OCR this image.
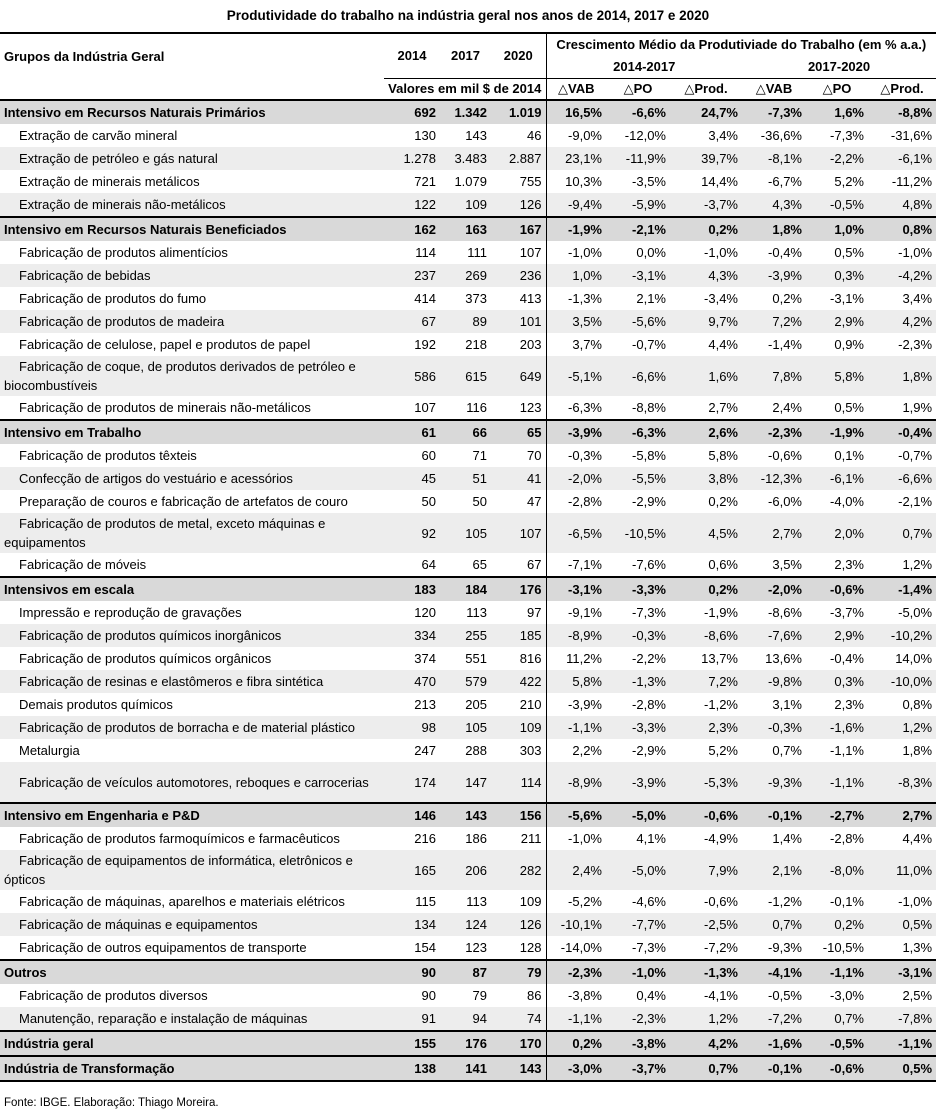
Produtividade do trabalho na indústria geral nos anos de 2014, 2017 e 2020
Grupos da Indústria Geral	2014	2017	2020	Crescimento Médio da Produtiviade do Trabalho (em % a.a.)					
				2014-2017			2017-2020		
	Valores em mil $ de 2014			△VAB	△PO	△Prod.	△VAB	△PO	△Prod.
Intensivo em Recursos Naturais Primários	692	1.342	1.019	16,5%	-6,6%	24,7%	-7,3%	1,6%	-8,8%
Extração de carvão mineral	130	143	46	-9,0%	-12,0%	3,4%	-36,6%	-7,3%	-31,6%
Extração de petróleo e gás natural	1.278	3.483	2.887	23,1%	-11,9%	39,7%	-8,1%	-2,2%	-6,1%
Extração de minerais metálicos	721	1.079	755	10,3%	-3,5%	14,4%	-6,7%	5,2%	-11,2%
Extração de minerais não-metálicos	122	109	126	-9,4%	-5,9%	-3,7%	4,3%	-0,5%	4,8%
Intensivo em Recursos Naturais Beneficiados	162	163	167	-1,9%	-2,1%	0,2%	1,8%	1,0%	0,8%
Fabricação de produtos alimentícios	114	111	107	-1,0%	0,0%	-1,0%	-0,4%	0,5%	-1,0%
Fabricação de bebidas	237	269	236	1,0%	-3,1%	4,3%	-3,9%	0,3%	-4,2%
Fabricação de produtos do fumo	414	373	413	-1,3%	2,1%	-3,4%	0,2%	-3,1%	3,4%
Fabricação de produtos de madeira	67	89	101	3,5%	-5,6%	9,7%	7,2%	2,9%	4,2%
Fabricação de celulose, papel e produtos de papel	192	218	203	3,7%	-0,7%	4,4%	-1,4%	0,9%	-2,3%
Fabricação de coque, de produtos derivados de petróleo e biocombustíveis	586	615	649	-5,1%	-6,6%	1,6%	7,8%	5,8%	1,8%
Fabricação de produtos de minerais não-metálicos	107	116	123	-6,3%	-8,8%	2,7%	2,4%	0,5%	1,9%
Intensivo em Trabalho	61	66	65	-3,9%	-6,3%	2,6%	-2,3%	-1,9%	-0,4%
Fabricação de produtos têxteis	60	71	70	-0,3%	-5,8%	5,8%	-0,6%	0,1%	-0,7%
Confecção de artigos do vestuário e acessórios	45	51	41	-2,0%	-5,5%	3,8%	-12,3%	-6,1%	-6,6%
Preparação de couros e fabricação de artefatos de couro	50	50	47	-2,8%	-2,9%	0,2%	-6,0%	-4,0%	-2,1%
Fabricação de produtos de metal, exceto máquinas e equipamentos	92	105	107	-6,5%	-10,5%	4,5%	2,7%	2,0%	0,7%
Fabricação de móveis	64	65	67	-7,1%	-7,6%	0,6%	3,5%	2,3%	1,2%
Intensivos em escala	183	184	176	-3,1%	-3,3%	0,2%	-2,0%	-0,6%	-1,4%
Impressão e reprodução de gravações	120	113	97	-9,1%	-7,3%	-1,9%	-8,6%	-3,7%	-5,0%
Fabricação de produtos químicos inorgânicos	334	255	185	-8,9%	-0,3%	-8,6%	-7,6%	2,9%	-10,2%
Fabricação de produtos químicos orgânicos	374	551	816	11,2%	-2,2%	13,7%	13,6%	-0,4%	14,0%
Fabricação de resinas e elastômeros e fibra sintética	470	579	422	5,8%	-1,3%	7,2%	-9,8%	0,3%	-10,0%
Demais produtos químicos	213	205	210	-3,9%	-2,8%	-1,2%	3,1%	2,3%	0,8%
Fabricação de produtos de borracha e de material plástico	98	105	109	-1,1%	-3,3%	2,3%	-0,3%	-1,6%	1,2%
Metalurgia	247	288	303	2,2%	-2,9%	5,2%	0,7%	-1,1%	1,8%
Fabricação de veículos automotores, reboques e carrocerias	174	147	114	-8,9%	-3,9%	-5,3%	-9,3%	-1,1%	-8,3%
Intensivo em Engenharia e P&D	146	143	156	-5,6%	-5,0%	-0,6%	-0,1%	-2,7%	2,7%
Fabricação de produtos farmoquímicos e farmacêuticos	216	186	211	-1,0%	4,1%	-4,9%	1,4%	-2,8%	4,4%
Fabricação de equipamentos de informática, eletrônicos e ópticos	165	206	282	2,4%	-5,0%	7,9%	2,1%	-8,0%	11,0%
Fabricação de máquinas, aparelhos e materiais elétricos	115	113	109	-5,2%	-4,6%	-0,6%	-1,2%	-0,1%	-1,0%
Fabricação de máquinas e equipamentos	134	124	126	-10,1%	-7,7%	-2,5%	0,7%	0,2%	0,5%
Fabricação de outros equipamentos de transporte	154	123	128	-14,0%	-7,3%	-7,2%	-9,3%	-10,5%	1,3%
Outros	90	87	79	-2,3%	-1,0%	-1,3%	-4,1%	-1,1%	-3,1%
Fabricação de produtos diversos	90	79	86	-3,8%	0,4%	-4,1%	-0,5%	-3,0%	2,5%
Manutenção, reparação e instalação de máquinas	91	94	74	-1,1%	-2,3%	1,2%	-7,2%	0,7%	-7,8%
Indústria geral	155	176	170	0,2%	-3,8%	4,2%	-1,6%	-0,5%	-1,1%
Indústria de Transformação	138	141	143	-3,0%	-3,7%	0,7%	-0,1%	-0,6%	0,5%
Fonte: IBGE. Elaboração: Thiago Moreira.
